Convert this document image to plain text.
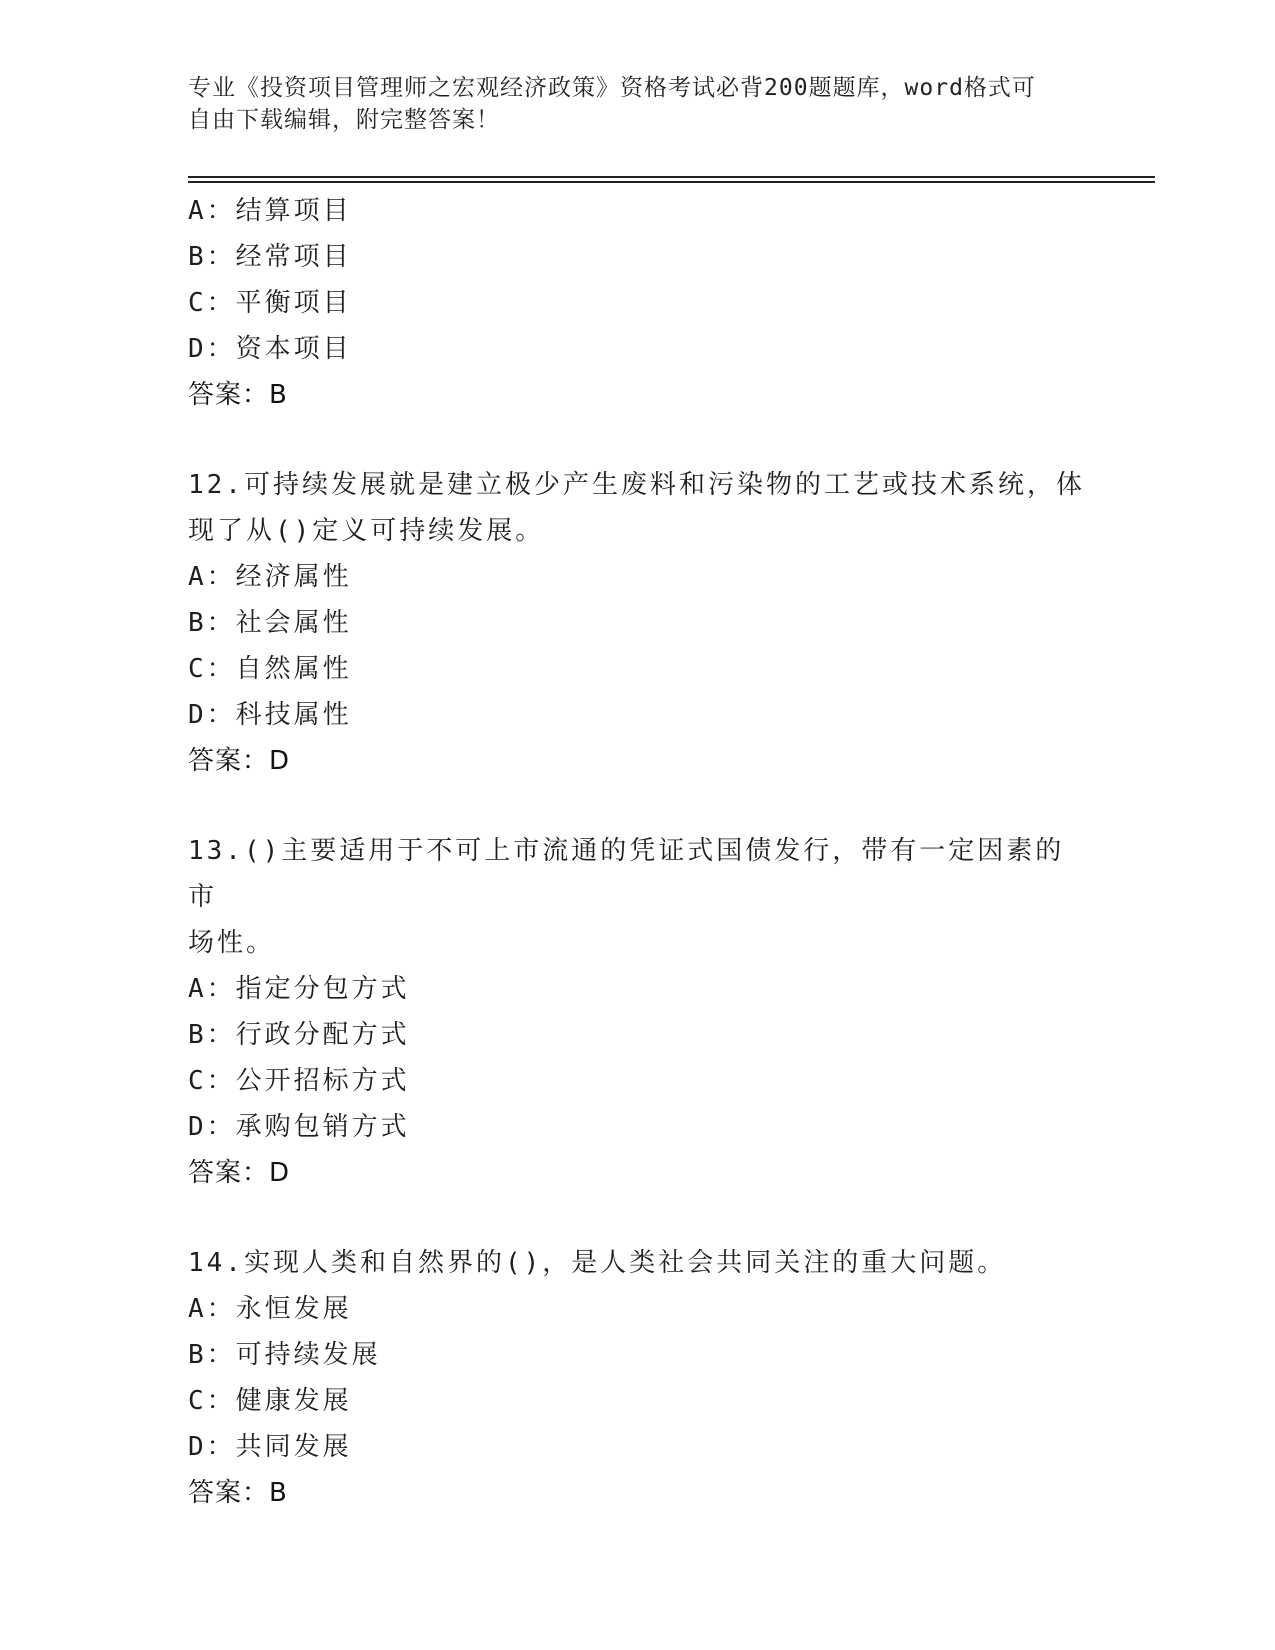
专业《投资项目管理师之宏观经济政策》资格考试必背200题题库，word格式可
自由下载编辑，附完整答案！
A：结算项目
B：经常项目
C：平衡项目
D：资本项目
答案：B
12.可持续发展就是建立极少产生废料和污染物的工艺或技术系统，体
现了从()定义可持续发展。
A：经济属性
B：社会属性
C：自然属性
D：科技属性
答案：D
13.()主要适用于不可上市流通的凭证式国债发行，带有一定因素的市
场性。
A：指定分包方式
B：行政分配方式
C：公开招标方式
D：承购包销方式
答案：D
14.实现人类和自然界的()，是人类社会共同关注的重大问题。
A：永恒发展
B：可持续发展
C：健康发展
D：共同发展
答案：B
